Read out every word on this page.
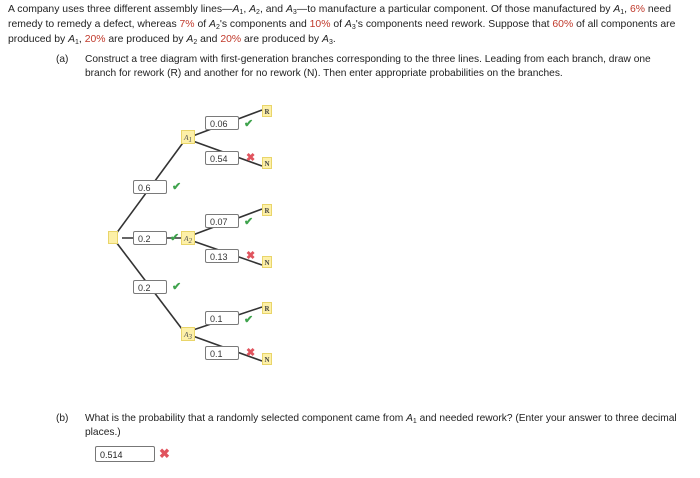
A company uses three different assembly $lines—A_1$, $A_2$, and $A_3—to$ manufacture a particular component. Of those manufactured by $A_1$, 6% need remedy to remedy a defect, whereas 7% of $A_2's$ components and 10% of $A_3's$ components need rework. Suppose that 60% of all components are produced by $A_1$, 20% are produced by $A_2$ and 20% are produced by $A_3$.
(a)	Construct a tree diagram with first-generation branches corresponding to the three lines. Leading from each branch, draw one branch for rework (R) and another for no rework (N). Then enter appropriate probabilities on the branches.
$A_1$
$A_2$
$A_3$
0.6	✔
0.2	✔
0.2	✔
0.06	✔
R
0.54	✖	N
0.07	✔
R
0.13	✖
N
0.1	✔
R
0.1	✖
N
(b)	What is the probability that a randomly selected component came from $A_1$ and needed rework? (Enter your answer to three decimal places.)
0.514	✖
